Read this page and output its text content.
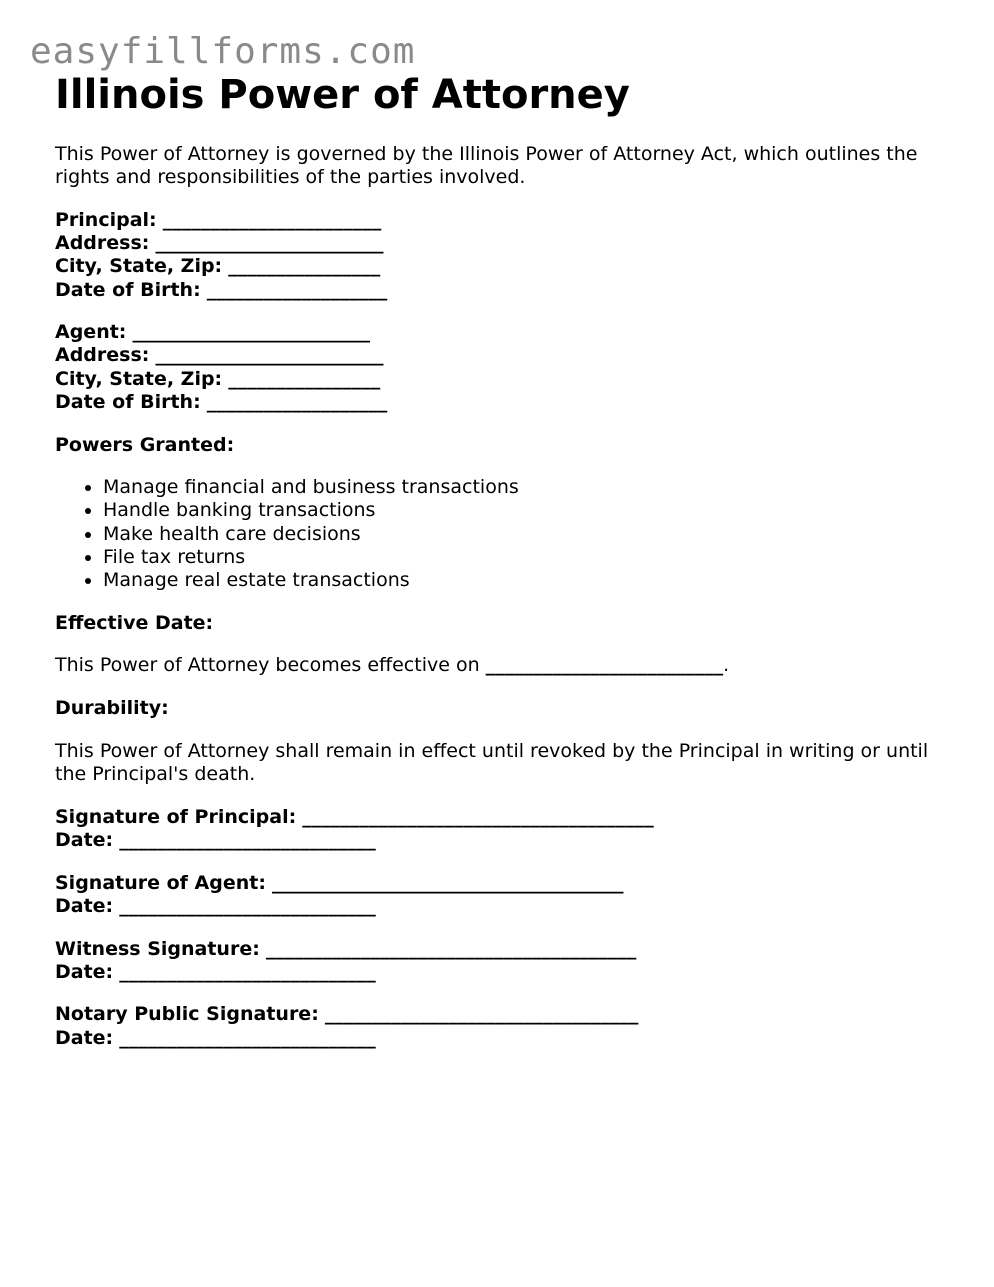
easyfillforms.com
Illinois Power of Attorney

This Power of Attorney is governed by the Illinois Power of Attorney Act, which outlines the rights and responsibilities of the parties involved.

Principal: _______________________
Address: ________________________
City, State, Zip: ________________
Date of Birth: ___________________
Agent: _________________________
Address: ________________________
City, State, Zip: ________________
Date of Birth: ___________________
Powers Granted:
• Manage financial and business transactions
• Handle banking transactions
• Make health care decisions
• File tax returns
• Manage real estate transactions
Effective Date:

This Power of Attorney becomes effective on _________________________.

Durability:

This Power of Attorney shall remain in effect until revoked by the Principal in writing or until the Principal's death.

Signature of Principal: _____________________________________
Date: ___________________________
Signature of Agent: _____________________________________
Date: ___________________________
Witness Signature: _______________________________________
Date: ___________________________
Notary Public Signature: _________________________________
Date: ___________________________
